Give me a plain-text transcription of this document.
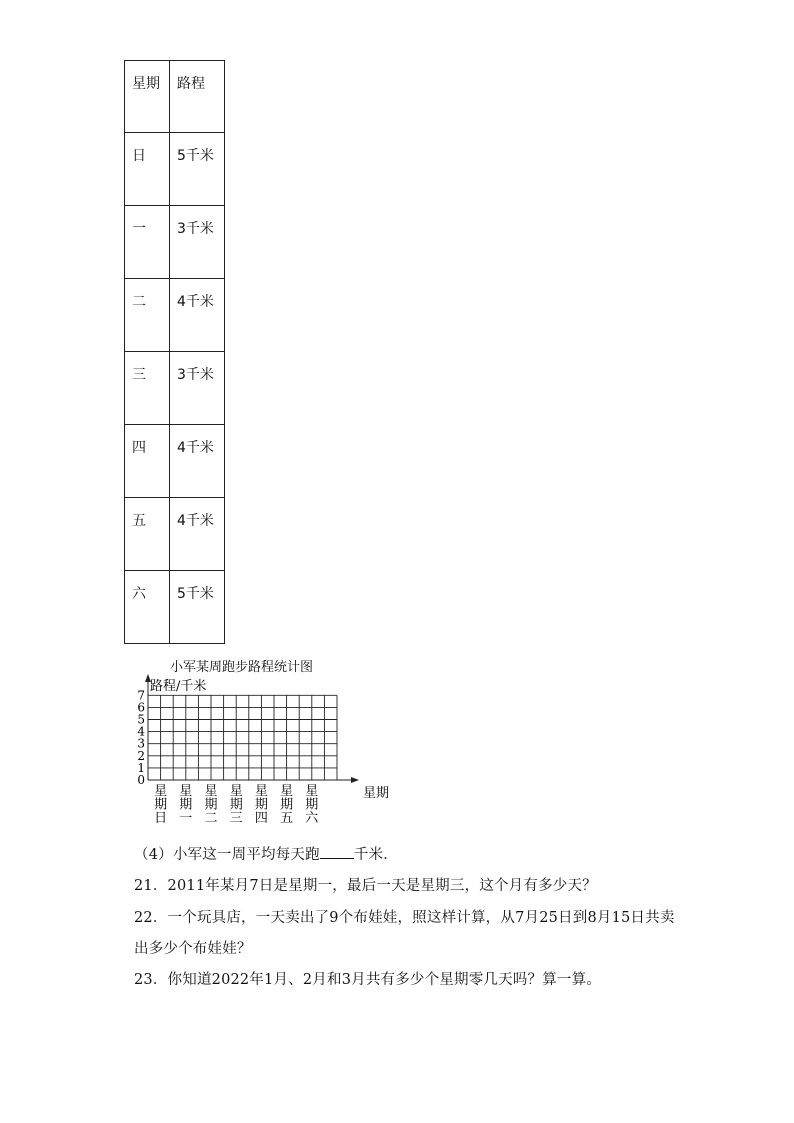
星期	路程
日	5千米
一	3千米
二	4千米
三	3千米
四	4千米
五	4千米
六	5千米
小军某周跑步路程统计图
0
1
2
3
4
5
6
7
路程/千米
星期
星
期
日
星
期
一
星
期
二
星
期
三
星
期
四
星
期
五
星
期
六
（4）小军这一周平均每天跑 千米．
21．2011年某月7日是星期一，最后一天是星期三，这个月有多少天？
22．一个玩具店，一天卖出了9个布娃娃，照这样计算，从7月25日到8月15日共卖
出多少个布娃娃？
23．你知道2022年1月、2月和3月共有多少个星期零几天吗？算一算。
